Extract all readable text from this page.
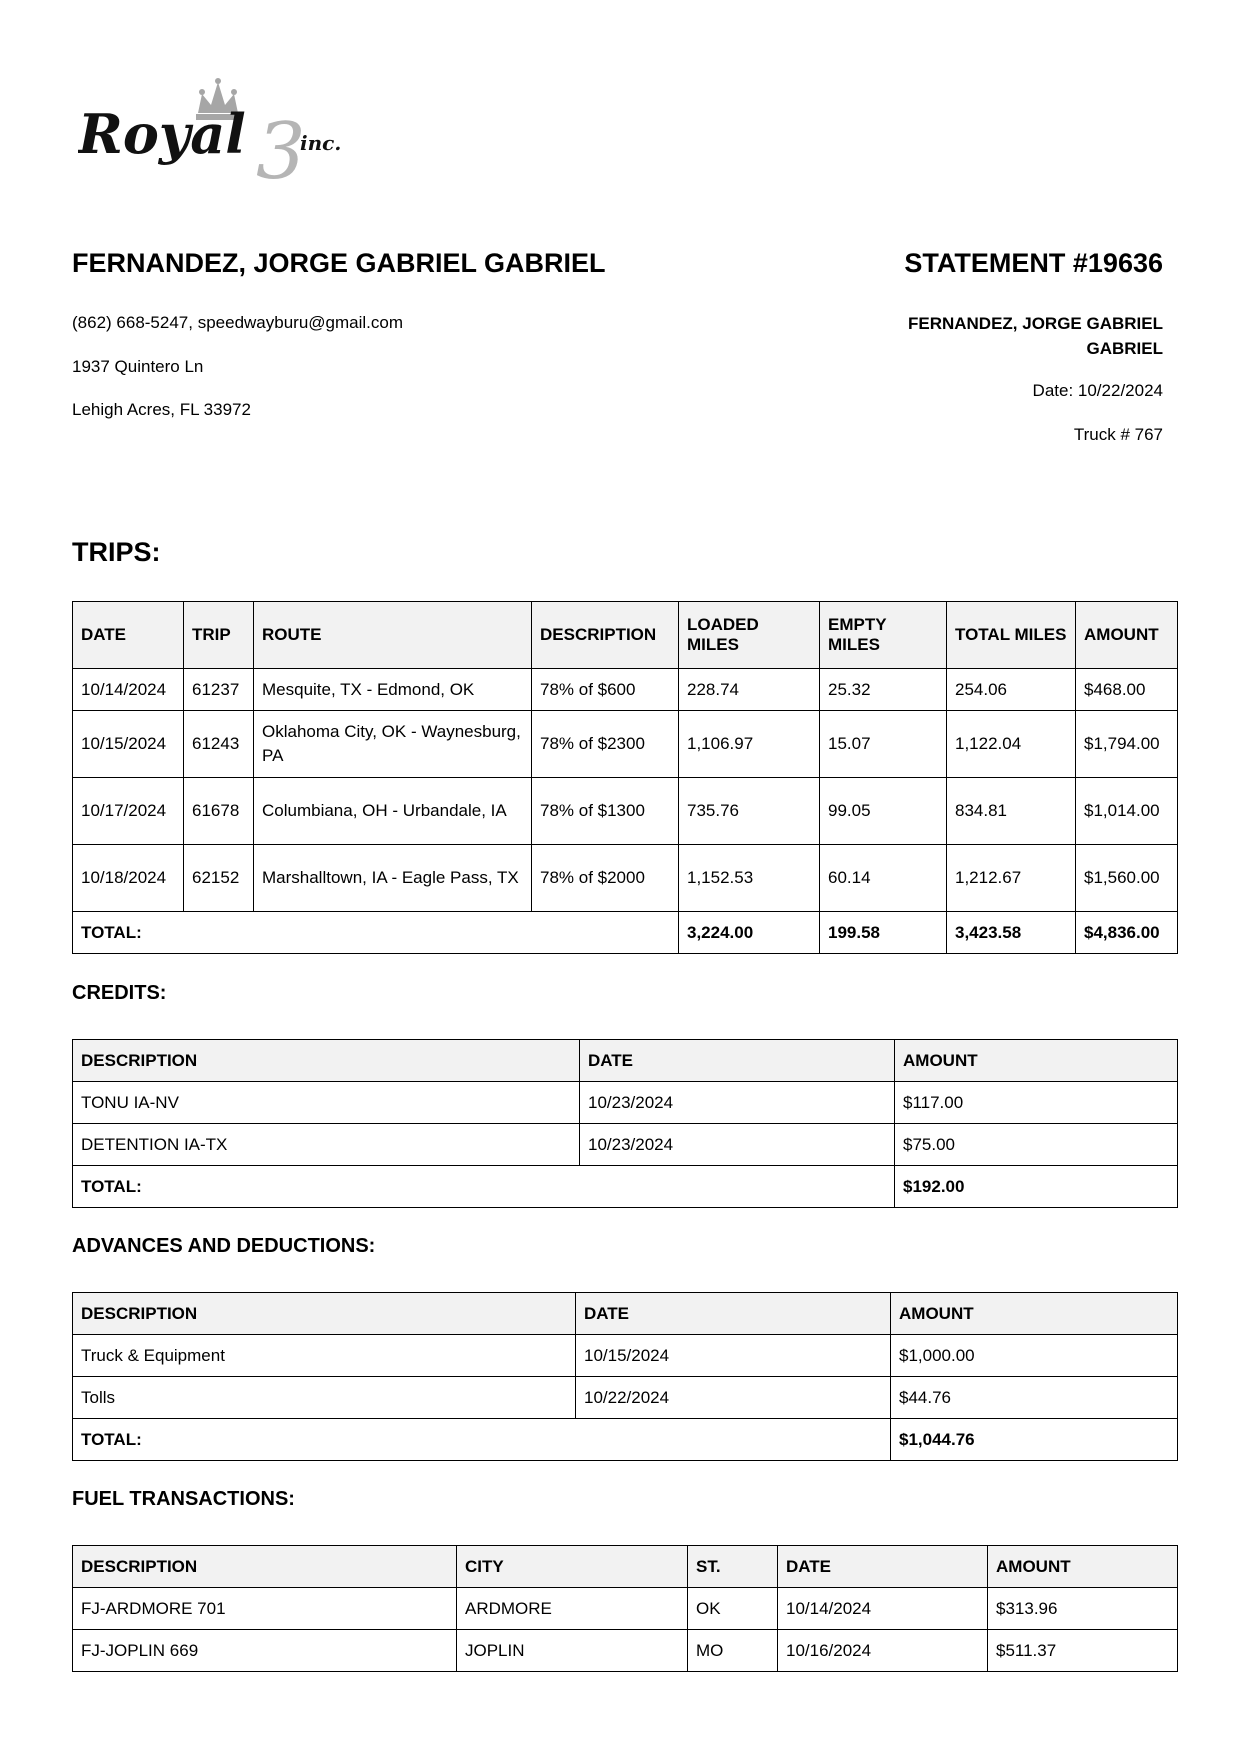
3
Royal	inc.
FERNANDEZ, JORGE GABRIEL GABRIEL
(862) 668-5247, speedwayburu@gmail.com
1937 Quintero Ln
Lehigh Acres, FL 33972
STATEMENT #19636
FERNANDEZ, JORGE GABRIEL GABRIEL
Date: 10/22/2024
Truck # 767
TRIPS:
DATE	TRIP	ROUTE	DESCRIPTION	LOADED MILES	EMPTY MILES	TOTAL MILES	AMOUNT
10/14/2024	61237	Mesquite, TX - Edmond, OK	78% of $600	228.74	25.32	254.06	$468.00
10/15/2024	61243	Oklahoma City, OK - Waynesburg, PA	78% of $2300	1,106.97	15.07	1,122.04	$1,794.00
10/17/2024	61678	Columbiana, OH - Urbandale, IA	78% of $1300	735.76	99.05	834.81	$1,014.00
10/18/2024	62152	Marshalltown, IA - Eagle Pass, TX	78% of $2000	1,152.53	60.14	1,212.67	$1,560.00
TOTAL:				3,224.00	199.58	3,423.58	$4,836.00
CREDITS:
DESCRIPTION	DATE	AMOUNT
TONU IA-NV	10/23/2024	$117.00
DETENTION IA-TX	10/23/2024	$75.00
TOTAL:		$192.00
ADVANCES AND DEDUCTIONS:
DESCRIPTION	DATE	AMOUNT
Truck & Equipment	10/15/2024	$1,000.00
Tolls	10/22/2024	$44.76
TOTAL:		$1,044.76
FUEL TRANSACTIONS:
DESCRIPTION	CITY	ST.	DATE	AMOUNT
FJ-ARDMORE 701	ARDMORE	OK	10/14/2024	$313.96
FJ-JOPLIN 669	JOPLIN	MO	10/16/2024	$511.37
